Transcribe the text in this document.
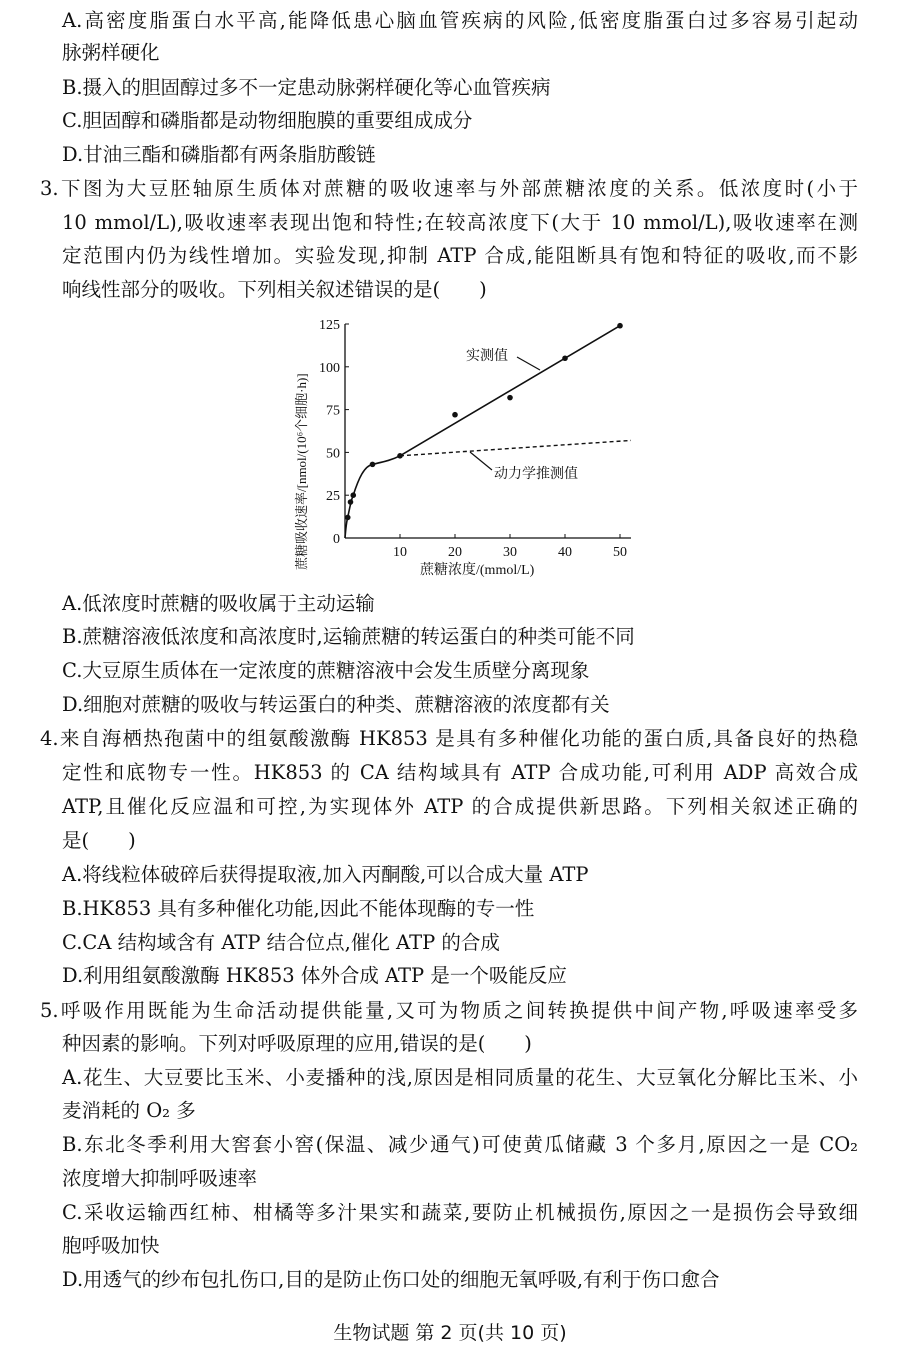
A.高密度脂蛋白水平高,能降低患心脑血管疾病的风险,低密度脂蛋白过多容易引起动
脉粥样硬化
B.摄入的胆固醇过多不一定患动脉粥样硬化等心血管疾病
C.胆固醇和磷脂都是动物细胞膜的重要组成成分
D.甘油三酯和磷脂都有两条脂肪酸链
3.下图为大豆胚轴原生质体对蔗糖的吸收速率与外部蔗糖浓度的关系。低浓度时(小于
10 mmol/L),吸收速率表现出饱和特性;在较高浓度下(大于 10 mmol/L),吸收速率在测
定范围内仍为线性增加。实验发现,抑制 ATP 合成,能阻断具有饱和特征的吸收,而不影
响线性部分的吸收。下列相关叙述错误的是(　　)
0
25
50
75
100
125
10	20	30	40	50
实测值
动力学推测值
蔗糖浓度/(mmol/L)
蔗糖吸收速率/[nmol/(10⁶个细胞·h)]
A.低浓度时蔗糖的吸收属于主动运输
B.蔗糖溶液低浓度和高浓度时,运输蔗糖的转运蛋白的种类可能不同
C.大豆原生质体在一定浓度的蔗糖溶液中会发生质壁分离现象
D.细胞对蔗糖的吸收与转运蛋白的种类、蔗糖溶液的浓度都有关
4.来自海栖热孢菌中的组氨酸激酶 HK853 是具有多种催化功能的蛋白质,具备良好的热稳
定性和底物专一性。HK853 的 CA 结构域具有 ATP 合成功能,可利用 ADP 高效合成
ATP,且催化反应温和可控,为实现体外 ATP 的合成提供新思路。下列相关叙述正确的
是(　　)
A.将线粒体破碎后获得提取液,加入丙酮酸,可以合成大量 ATP
B.HK853 具有多种催化功能,因此不能体现酶的专一性
C.CA 结构域含有 ATP 结合位点,催化 ATP 的合成
D.利用组氨酸激酶 HK853 体外合成 ATP 是一个吸能反应
5.呼吸作用既能为生命活动提供能量,又可为物质之间转换提供中间产物,呼吸速率受多
种因素的影响。下列对呼吸原理的应用,错误的是(　　)
A.花生、大豆要比玉米、小麦播种的浅,原因是相同质量的花生、大豆氧化分解比玉米、小
麦消耗的 O₂ 多
B.东北冬季利用大窖套小窖(保温、减少通气)可使黄瓜储藏 3 个多月,原因之一是 CO₂
浓度增大抑制呼吸速率
C.采收运输西红柿、柑橘等多汁果实和蔬菜,要防止机械损伤,原因之一是损伤会导致细
胞呼吸加快
D.用透气的纱布包扎伤口,目的是防止伤口处的细胞无氧呼吸,有利于伤口愈合
生物试题 第 2 页(共 10 页)
